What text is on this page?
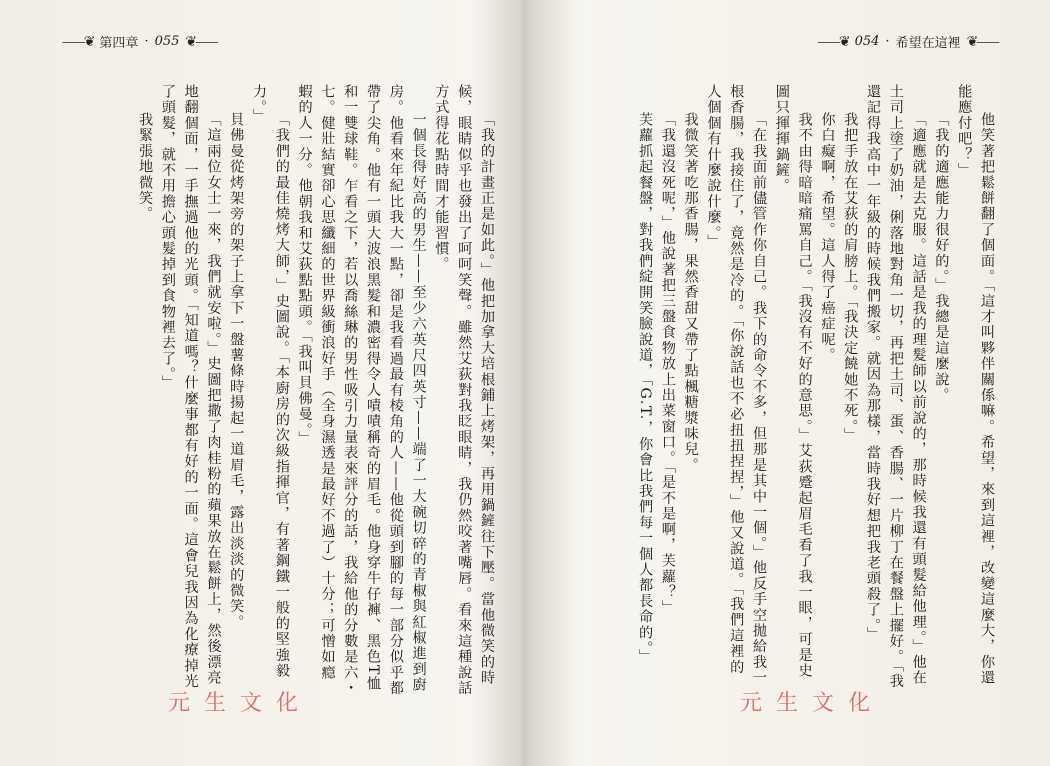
⸺❦ 第四章 · 055 ❦⸺

「我的計畫正是如此。」他把加拿大培根鋪上烤架，再用鍋鏟往下壓。當他微笑的時

候，眼睛似乎也發出了呵呵笑聲。雖然艾荻對我眨眼睛，我仍然咬著嘴唇。看來這種說話

方式得花點時間才能習慣。

一個長得好高的男生——至少六英尺四英寸——端了一大碗切碎的青椒與紅椒進到廚

房。他看來年紀比我大一點，卻是我看過最有棱角的人——他從頭到腳的每一部分似乎都

帶了尖角。他有一頭大波浪黑髮和濃密得令人嘖嘖稱奇的眉毛。他身穿牛仔褲、黑色T恤

和一雙球鞋。乍看之下，若以喬絲琳的男性吸引力量表來評分的話，我給他的分數是六・

七。健壯結實卻心思纖細的世界級衝浪好手（全身濕透是最好不過了）十分；可憎如瘾

蝦的人一分。他朝我和艾荻點點頭。「我叫貝佛曼。」

「我們的最佳燒烤大師，」史圖說。「本廚房的次級指揮官，有著鋼鐵一般的堅強毅

力。」

貝佛曼從烤架旁的架子上拿下一盤薯條時揚起一道眉毛，露出淡淡的微笑。

「這兩位女士一來，我們就安啦。」史圖把撒了肉桂粉的蘋果放在鬆餅上，然後漂亮

地翻個面，一手撫過他的光頭。「知道嗎？什麼事都有好的一面。這會兒我因為化療掉光

了頭髮，就不用擔心頭髮掉到食物裡去了。」

我緊張地微笑。

元生文化
⸺❦ 054 · 希望在這裡 ❦⸺

他笑著把鬆餅翻了個面。「這才叫夥伴關係嘛。希望，來到這裡，改變這麼大，你還

能應付吧？」

「我的適應能力很好的。」我總是這麼說。

「適應就是去克服。這話是我的理髮師以前說的，那時候我還有頭髮給他理。」他在

土司上塗了奶油，俐落地對角一切，再把土司、蛋、香腸、一片柳丁在餐盤上擺好。「我

還記得我高中一年級的時候我們搬家。就因為那樣，當時我好想把我老頭殺了。」

我把手放在艾荻的肩膀上。「我決定饒她不死。」

你白癡啊，希望。這人得了癌症呢。

我不由得暗暗痛罵自己。「我沒有不好的意思。」艾荻蹙起眉毛看了我一眼，可是史

圖只揮揮鍋鏟。

「在我面前儘管作你自己。我下的命令不多，但那是其中一個。」他反手空拋給我一

根香腸，我接住了，竟然是冷的。「你說話也不必扭扭捏捏，」他又說道。「我們這裡的

人個個有什麼說什麼。」

我微笑著吃那香腸，果然香甜又帶了點楓糖漿味兒。

「我還沒死呢，」他說著把三盤食物放上出菜窗口。「是不是啊，芙蘿？」

芙蘿抓起餐盤，對我們綻開笑臉說道，「G.T.，你會比我們每一個人都長命的。」

元生文化
